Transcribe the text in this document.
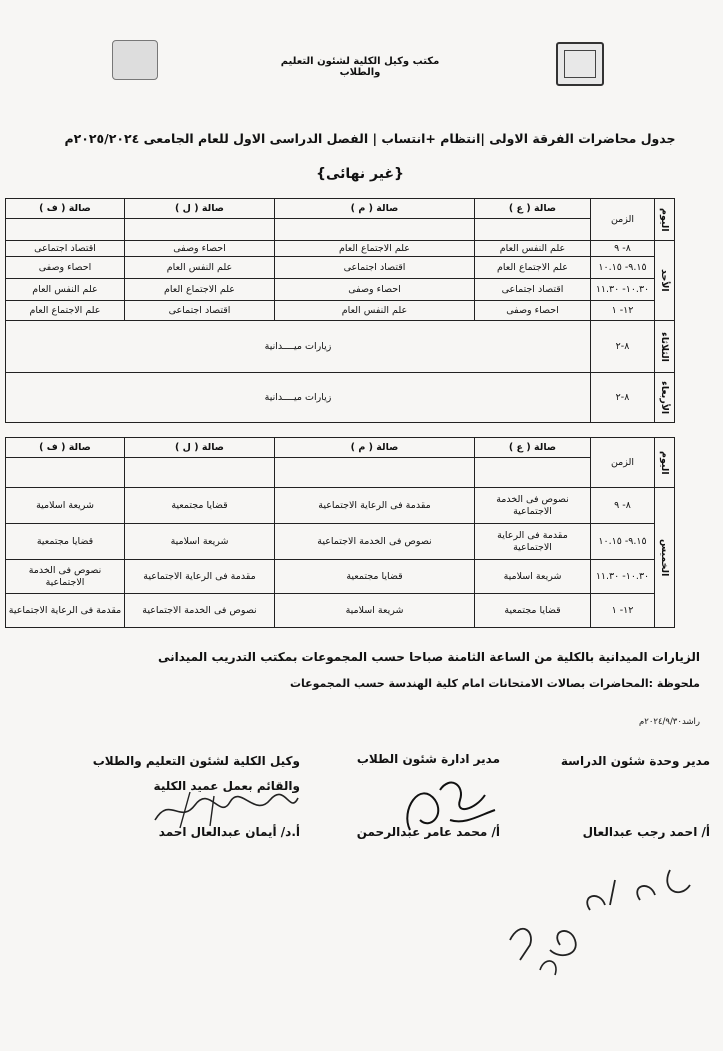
مكتب وكيل الكلية لشئون التعليم والطلاب
جدول محاضرات الفرقة الاولى |انتظام +انتساب | الفصل الدراسى الاول للعام الجامعى ٢٠٢٥/٢٠٢٤م
{غير نهائى}
اليوم	الزمن	صالة ( ع )	صالة ( م )	صالة ( ل )	صالة ( ف )

الأحد	٨- ٩	علم النفس العام	علم الاجتماع العام	احصاء وصفى	اقتصاد اجتماعى
	٩.١٥- ١٠.١٥	علم الاجتماع العام	اقتصاد اجتماعى	علم النفس العام	احصاء وصفى
	١٠.٣٠- ١١.٣٠	اقتصاد اجتماعى	احصاء وصفى	علم الاجتماع العام	علم النفس العام
	١٢- ١	احصاء وصفى	علم النفس العام	اقتصاد اجتماعى	علم الاجتماع العام
الثلاثاء	٨-٢	زيارات ميــــدانية			
الأربعاء	٨-٢	زيارات ميــــدانية			
اليوم	الزمن	صالة ( ع )	صالة ( م )	صالة ( ل )	صالة ( ف )

الخميس	٨- ٩	نصوص فى الخدمة الاجتماعية	مقدمة فى الرعاية الاجتماعية	قضايا مجتمعية	شريعة اسلامية
	٩.١٥- ١٠.١٥	مقدمة فى الرعاية الاجتماعية	نصوص فى الخدمة الاجتماعية	شريعة اسلامية	قضايا مجتمعية
	١٠.٣٠- ١١.٣٠	شريعة اسلامية	قضايا مجتمعية	مقدمة فى الرعاية الاجتماعية	نصوص فى الخدمة الاجتماعية
	١٢- ١	قضايا مجتمعية	شريعة اسلامية	نصوص فى الخدمة الاجتماعية	مقدمة فى الرعاية الاجتماعية
الزيارات الميدانية بالكلية من الساعة الثامنة صباحا حسب المجموعات بمكتب التدريب الميدانى
ملحوظة :المحاضرات بصالات الامتحانات امام كلية الهندسة حسب المجموعات
راشد٢٠٢٤/٩/٣٠م
مدير وحدة شئون الدراسة
أ/ احمد رجب عبدالعال
مدير ادارة شئون الطلاب
أ/ محمد عامر عبدالرحمن
وكيل الكلية لشئون التعليم والطلاب
والقائم بعمل عميد الكلية
أ.د/ أيمان عبدالعال احمد
